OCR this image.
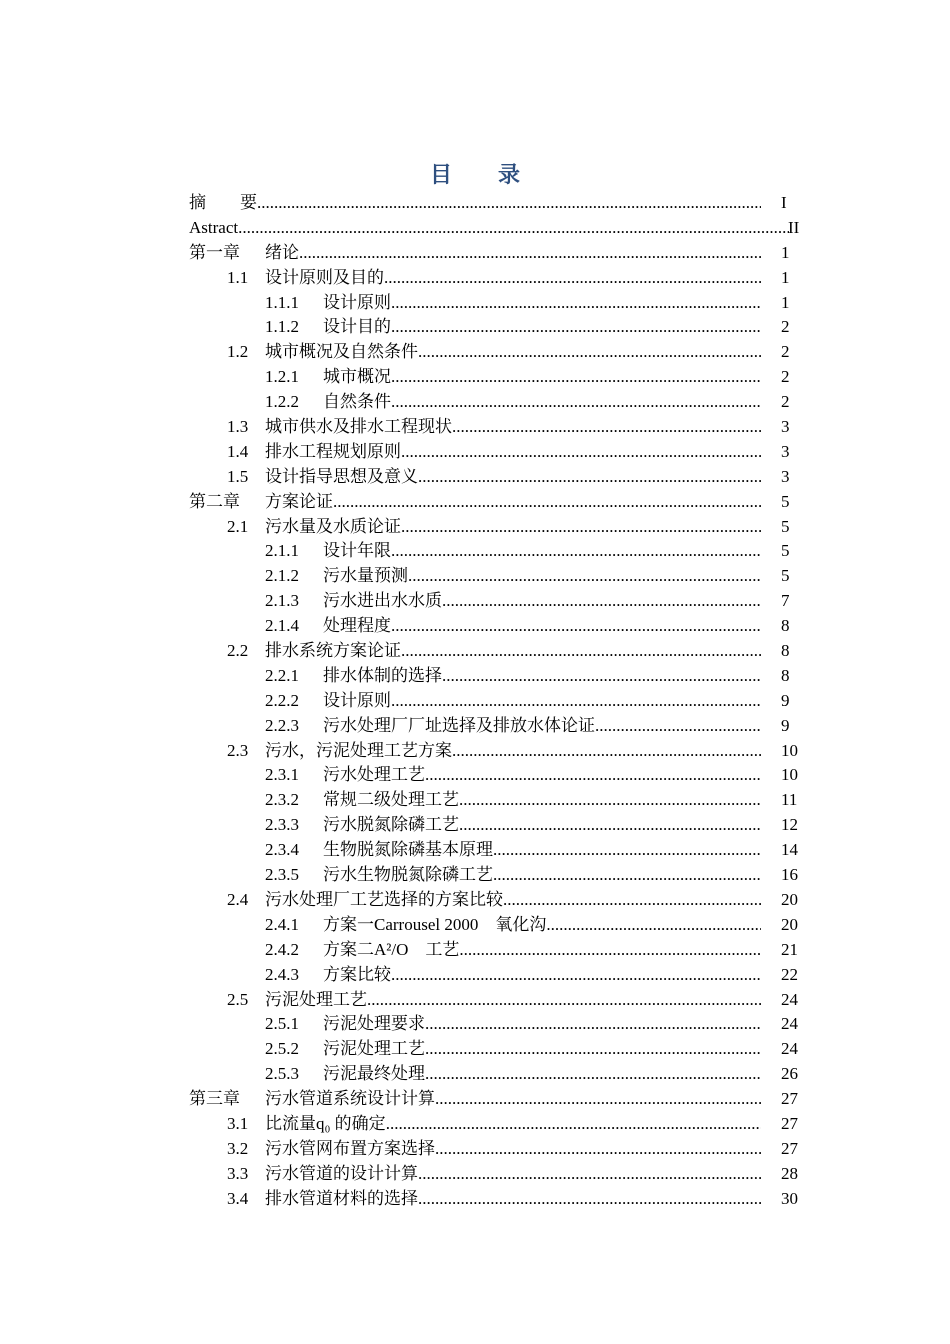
目 录
摘　　要 .....	I
Astract .....	II
第一章 绪论 .....	1
1.1 设计原则及目的 .....	1
1.1.1 设计原则 .....	1
1.1.2 设计目的 .....	2
1.2 城市概况及自然条件 .....	2
1.2.1 城市概况 .....	2
1.2.2 自然条件 .....	2
1.3 城市供水及排水工程现状 .....	3
1.4 排水工程规划原则 .....	3
1.5 设计指导思想及意义 .....	3
第二章 方案论证 .....	5
2.1 污水量及水质论证 .....	5
2.1.1 设计年限 .....	5
2.1.2 污水量预测 .....	5
2.1.3 污水进出水水质 .....	7
2.1.4 处理程度 .....	8
2.2 排水系统方案论证 .....	8
2.2.1 排水体制的选择 .....	8
2.2.2 设计原则 .....	9
2.2.3 污水处理厂厂址选择及排放水体论证 .....	9
2.3 污水，污泥处理工艺方案 .....	10
2.3.1 污水处理工艺 .....	10
2.3.2 常规二级处理工艺 .....	11
2.3.3 污水脱氮除磷工艺 .....	12
2.3.4 生物脱氮除磷基本原理 .....	14
2.3.5 污水生物脱氮除磷工艺 .....	16
2.4 污水处理厂工艺选择的方案比较 .....	20
2.4.1 方案一Carrousel 2000　氧化沟 .....	20
2.4.2 方案二A²/O　工艺 .....	21
2.4.3 方案比较 .....	22
2.5 污泥处理工艺 .....	24
2.5.1 污泥处理要求 .....	24
2.5.2 污泥处理工艺 .....	24
2.5.3 污泥最终处理 .....	26
第三章 污水管道系统设计计算 .....	27
3.1 比流量q₀ 的确定 .....	27
3.2 污水管网布置方案选择 .....	27
3.3 污水管道的设计计算 .....	28
3.4 排水管道材料的选择 .....	30
